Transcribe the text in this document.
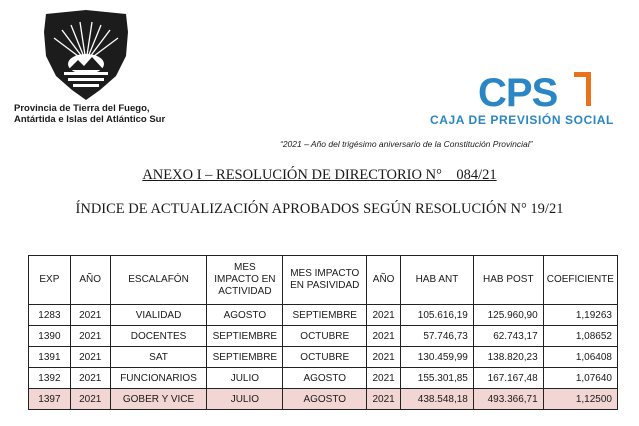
Provincia de Tierra del Fuego,
Antártida e Islas del Atlántico Sur
CPS
CAJA DE PREVISIÓN SOCIAL
“2021 – Año del trigésimo aniversario de la Constitución Provincial”
ANEXO I – RESOLUCIÓN DE DIRECTORIO N°    084/21
ÍNDICE DE ACTUALIZACIÓN APROBADOS SEGÚN RESOLUCIÓN N° 19/21
EXP	AÑO	ESCALAFÓN	MES IMPACTO EN ACTIVIDAD	MES IMPACTO EN PASIVIDAD	AÑO	HAB ANT	HAB POST	COEFICIENTE
1283	2021	VIALIDAD	AGOSTO	SEPTIEMBRE	2021	105.616,19	125.960,90	1,19263
1390	2021	DOCENTES	SEPTIEMBRE	OCTUBRE	2021	57.746,73	62.743,17	1,08652
1391	2021	SAT	SEPTIEMBRE	OCTUBRE	2021	130.459,99	138.820,23	1,06408
1392	2021	FUNCIONARIOS	JULIO	AGOSTO	2021	155.301,85	167.167,48	1,07640
1397	2021	GOBER Y VICE	JULIO	AGOSTO	2021	438.548,18	493.366,71	1,12500
